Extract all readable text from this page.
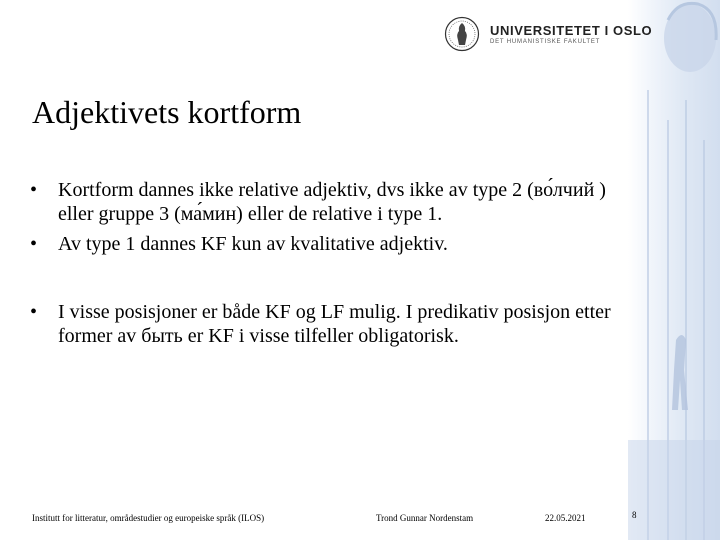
UNIVERSITETET I OSLO
DET HUMANISTISKE FAKULTET
Adjektivets kortform
• Kortform dannes ikke relative adjektiv, dvs ikke av type 2 (во́лчий ) eller gruppe 3 (ма́мин) eller de relative i type 1.
• Av type 1 dannes KF kun av kvalitative adjektiv.
• I visse posisjoner er både KF og LF mulig. I predikativ posisjon etter former av быть er KF i visse tilfeller obligatorisk.
Institutt for litteratur, områdestudier og europeiske språk (ILOS)	Trond Gunnar Nordenstam	22.05.2021	8
